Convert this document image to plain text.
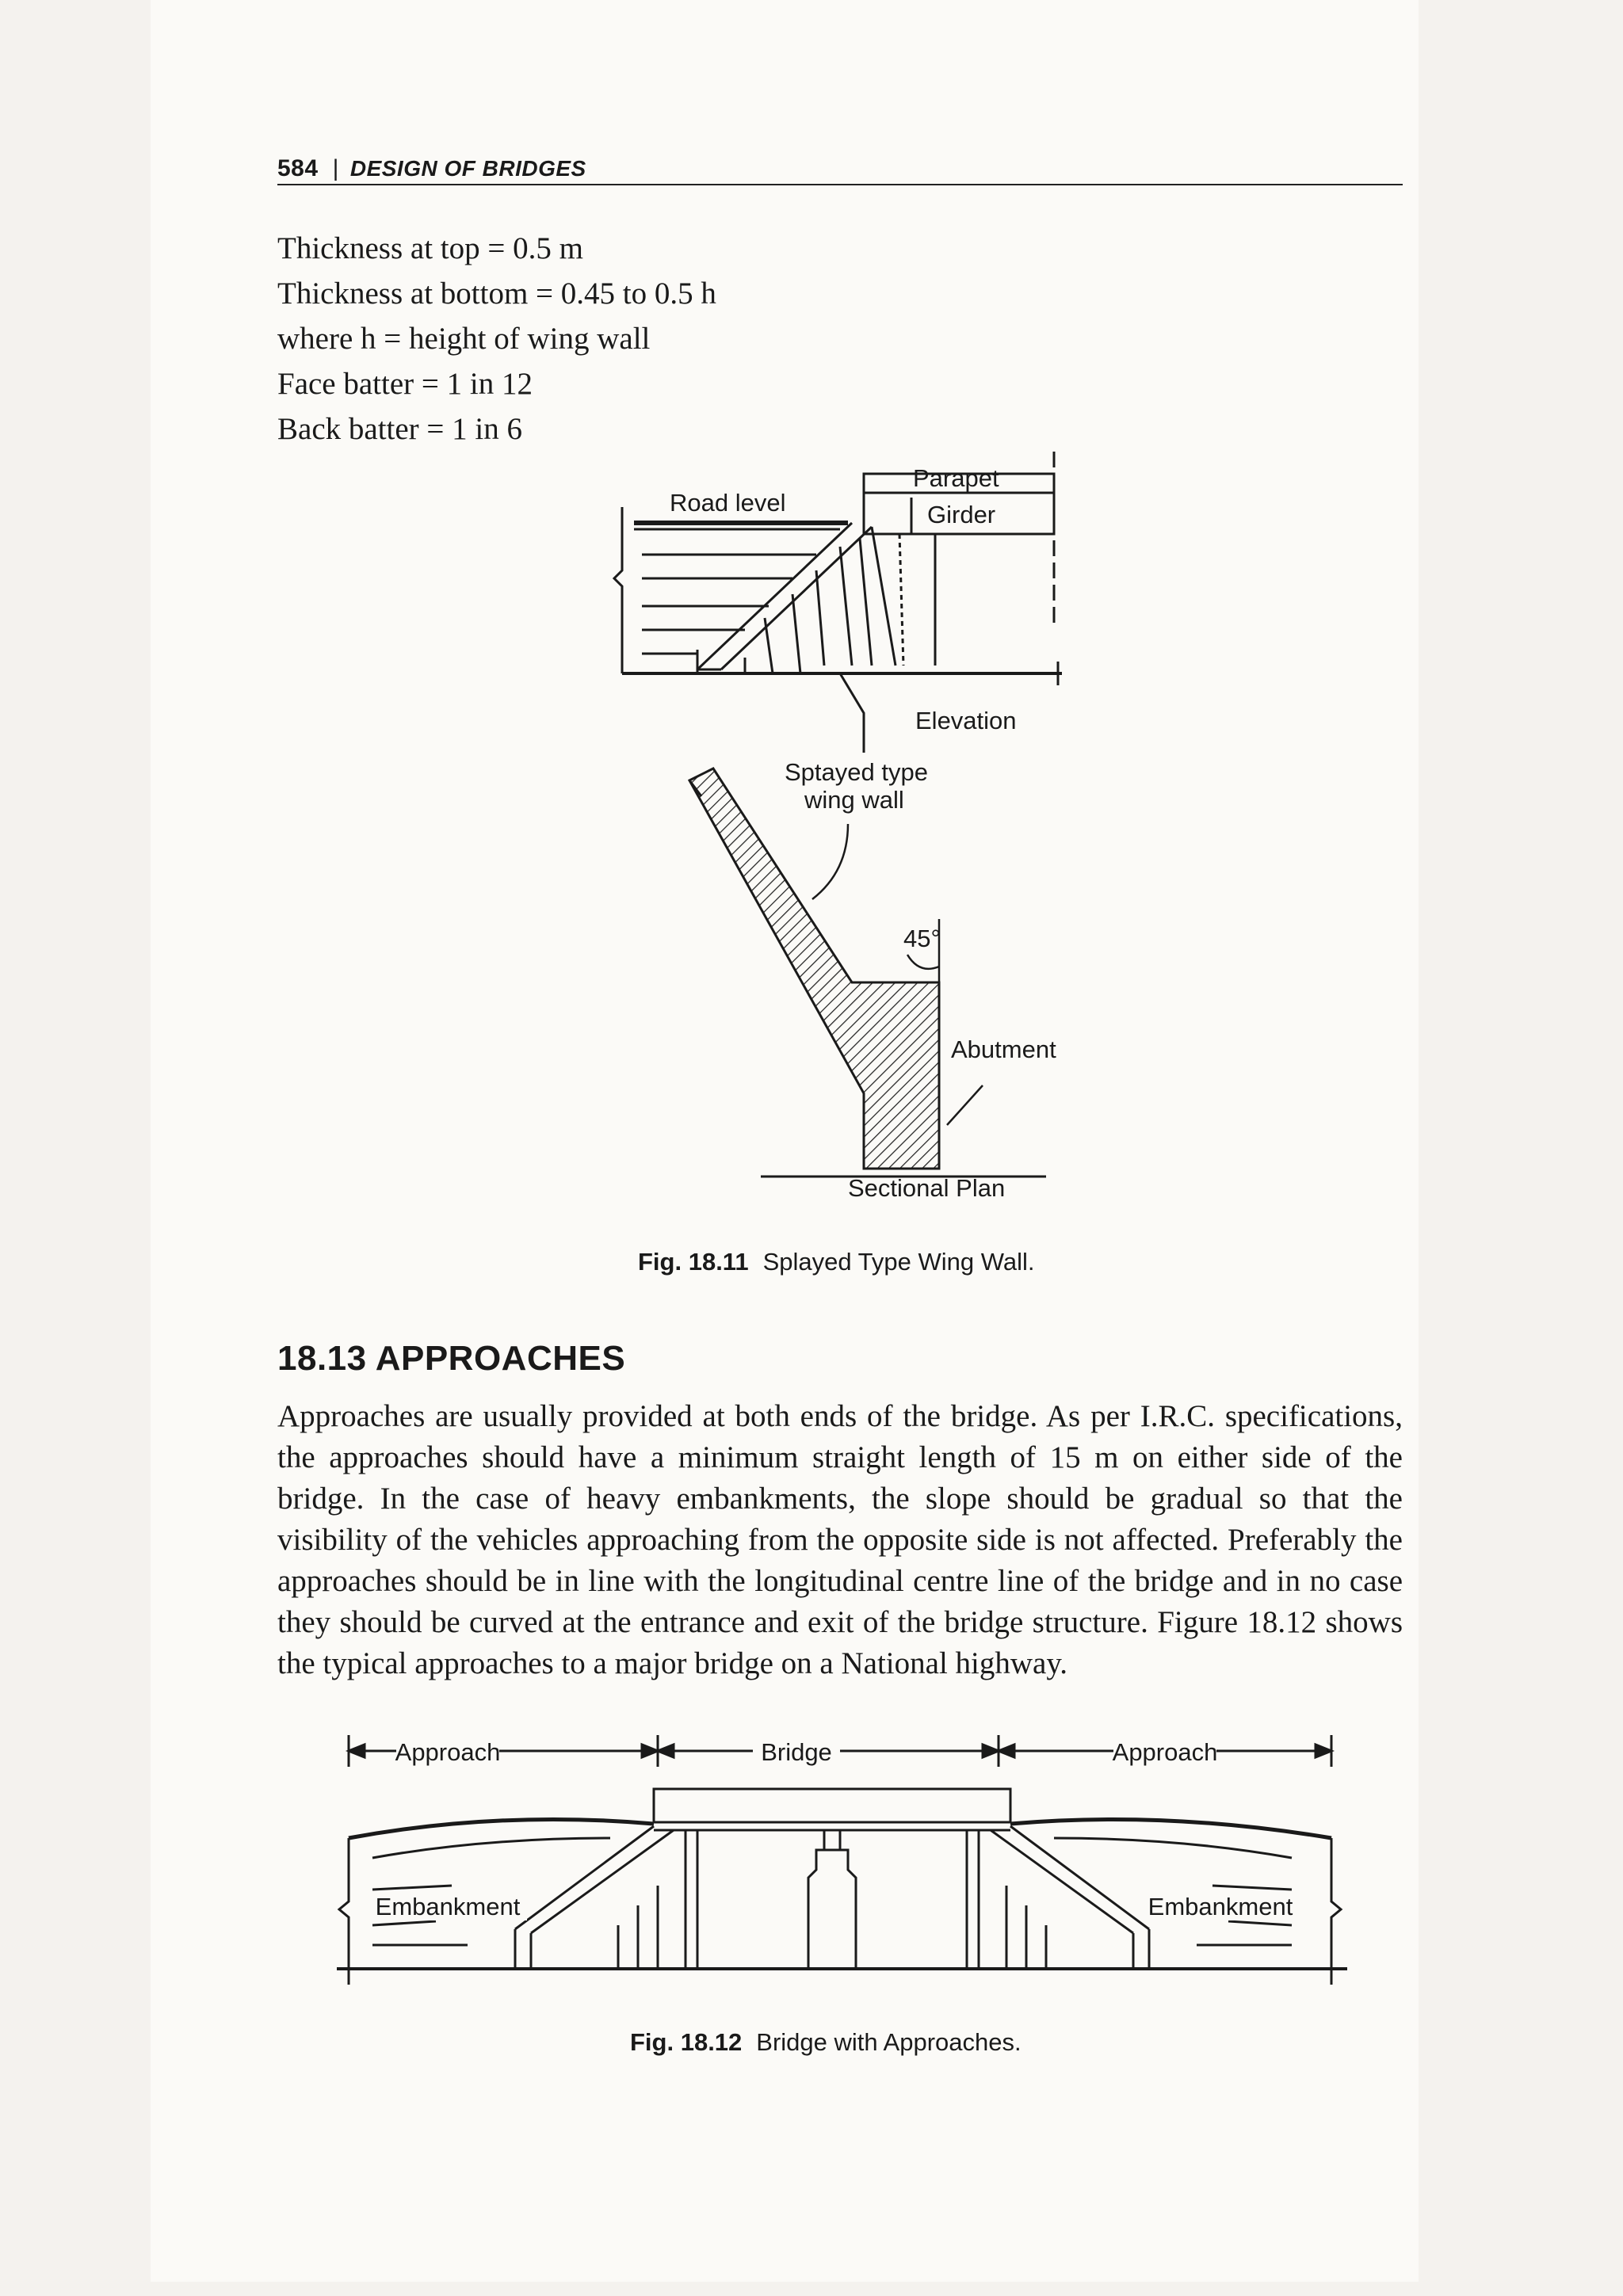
584 | DESIGN OF BRIDGES
Thickness at top = 0.5 m
Thickness at bottom = 0.45 to 0.5 h
where h = height of wing wall
Face batter = 1 in 12
Back batter = 1 in 6
Road level
Parapet
Girder
Elevation
Sptayed type
wing wall
45°
Abutment
Sectional Plan
Fig. 18.11 Splayed Type Wing Wall.
18.13 APPROACHES
Approaches are usually provided at both ends of the bridge. As per I.R.C. specifications, the approaches should have a minimum straight length of 15 m on either side of the bridge. In the case of heavy embankments, the slope should be gradual so that the visibility of the vehicles approaching from the opposite side is not affected. Preferably the approaches should be in line with the longitudinal centre line of the bridge and in no case they should be curved at the entrance and exit of the bridge structure. Figure 18.12 shows the typical approaches to a major bridge on a National highway.
Approach	Bridge	Approach
Embankment	Embankment
Fig. 18.12 Bridge with Approaches.
